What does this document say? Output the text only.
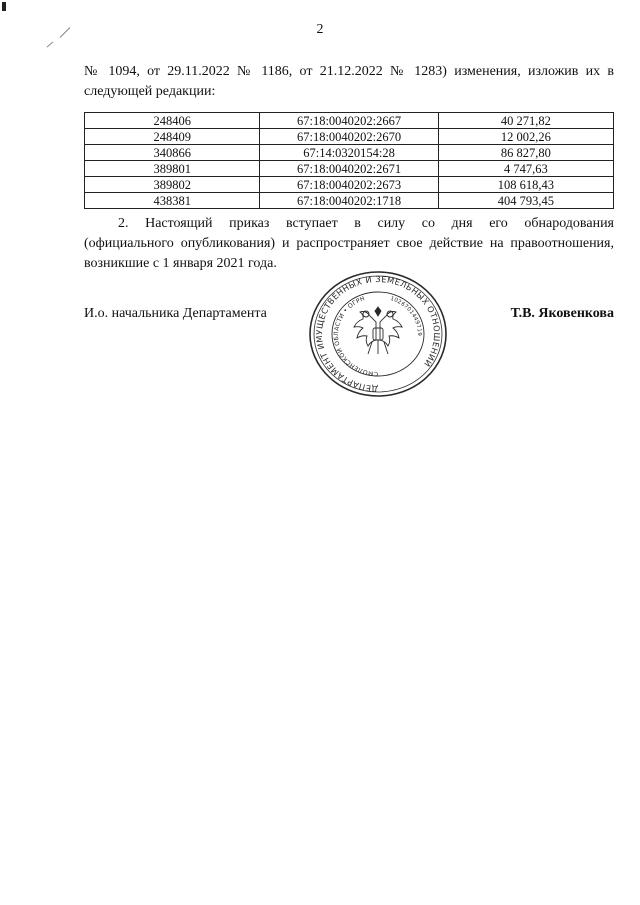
2
№ 1094, от 29.11.2022 № 1186, от 21.12.2022 № 1283) изменения, изложив их в
следующей редакции:
248406	67:18:0040202:2667	40 271,82
248409	67:18:0040202:2670	12 002,26
340866	67:14:0320154:28	86 827,80
389801	67:18:0040202:2671	4 747,63
389802	67:18:0040202:2673	108 618,43
438381	67:18:0040202:1718	404 793,45
2. Настоящий приказ вступает в силу со дня его обнародования
(официального опубликования) и распространяет свое действие на правоотношения,
возникшие с 1 января 2021 года.
И.о. начальника Департамента
ДЕПАРТАМЕНТ ИМУЩЕСТВЕННЫХ И ЗЕМЕЛЬНЫХ ОТНОШЕНИЙ
СМОЛЕНСКОЙ ОБЛАСТИ • ОГРН	1026701449719
Т.В. Яковенкова
